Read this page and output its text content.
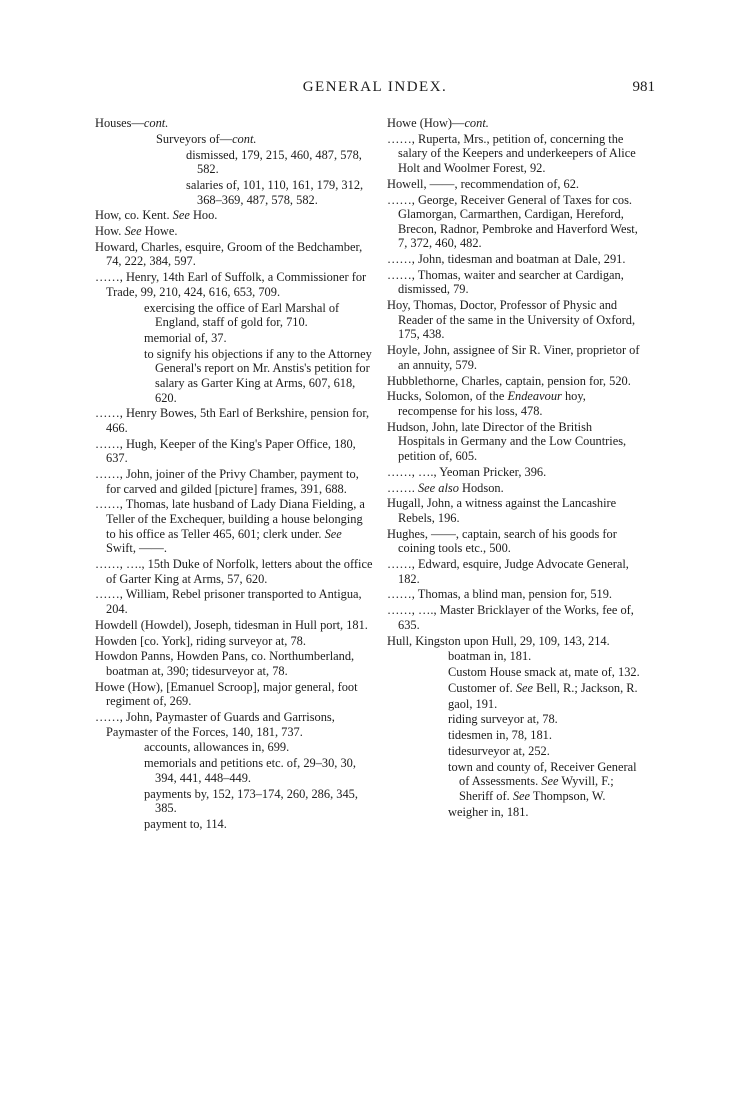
GENERAL INDEX.	981
Houses—cont.
Surveyors of—cont.
dismissed, 179, 215, 460, 487, 578, 582.
salaries of, 101, 110, 161, 179, 312, 368–369, 487, 578, 582.
How, co. Kent. See Hoo.
How. See Howe.
Howard, Charles, esquire, Groom of the Bedchamber, 74, 222, 384, 597.
……, Henry, 14th Earl of Suffolk, a Commissioner for Trade, 99, 210, 424, 616, 653, 709.
exercising the office of Earl Marshal of England, staff of gold for, 710.
memorial of, 37.
to signify his objections if any to the Attorney General's report on Mr. Anstis's petition for salary as Garter King at Arms, 607, 618, 620.
……, Henry Bowes, 5th Earl of Berkshire, pension for, 466.
……, Hugh, Keeper of the King's Paper Office, 180, 637.
……, John, joiner of the Privy Chamber, payment to, for carved and gilded [picture] frames, 391, 688.
……, Thomas, late husband of Lady Diana Fielding, a Teller of the Exchequer, building a house belonging to his office as Teller 465, 601; clerk under. See Swift, ——.
……, …., 15th Duke of Norfolk, letters about the office of Garter King at Arms, 57, 620.
……, William, Rebel prisoner transported to Antigua, 204.
Howdell (Howdel), Joseph, tidesman in Hull port, 181.
Howden [co. York], riding surveyor at, 78.
Howdon Panns, Howden Pans, co. Northumberland, boatman at, 390; tidesurveyor at, 78.
Howe (How), [Emanuel Scroop], major general, foot regiment of, 269.
……, John, Paymaster of Guards and Garrisons, Paymaster of the Forces, 140, 181, 737.
accounts, allowances in, 699.
memorials and petitions etc. of, 29–30, 30, 394, 441, 448–449.
payments by, 152, 173–174, 260, 286, 345, 385.
payment to, 114.
Howe (How)—cont.
……, Ruperta, Mrs., petition of, concerning the salary of the Keepers and underkeepers of Alice Holt and Woolmer Forest, 92.
Howell, ——, recommendation of, 62.
……, George, Receiver General of Taxes for cos. Glamorgan, Carmarthen, Cardigan, Hereford, Brecon, Radnor, Pembroke and Haverford West, 7, 372, 460, 482.
……, John, tidesman and boatman at Dale, 291.
……, Thomas, waiter and searcher at Cardigan, dismissed, 79.
Hoy, Thomas, Doctor, Professor of Physic and Reader of the same in the University of Oxford, 175, 438.
Hoyle, John, assignee of Sir R. Viner, proprietor of an annuity, 579.
Hubblethorne, Charles, captain, pension for, 520.
Hucks, Solomon, of the Endeavour hoy, recompense for his loss, 478.
Hudson, John, late Director of the British Hospitals in Germany and the Low Countries, petition of, 605.
……, …., Yeoman Pricker, 396.
……. See also Hodson.
Hugall, John, a witness against the Lancashire Rebels, 196.
Hughes, ——, captain, search of his goods for coining tools etc., 500.
……, Edward, esquire, Judge Advocate General, 182.
……, Thomas, a blind man, pension for, 519.
……, …., Master Bricklayer of the Works, fee of, 635.
Hull, Kingston upon Hull, 29, 109, 143, 214.
boatman in, 181.
Custom House smack at, mate of, 132.
Customer of. See Bell, R.; Jackson, R.
gaol, 191.
riding surveyor at, 78.
tidesmen in, 78, 181.
tidesurveyor at, 252.
town and county of, Receiver General of Assessments. See Wyvill, F.; Sheriff of. See Thompson, W.
weigher in, 181.
